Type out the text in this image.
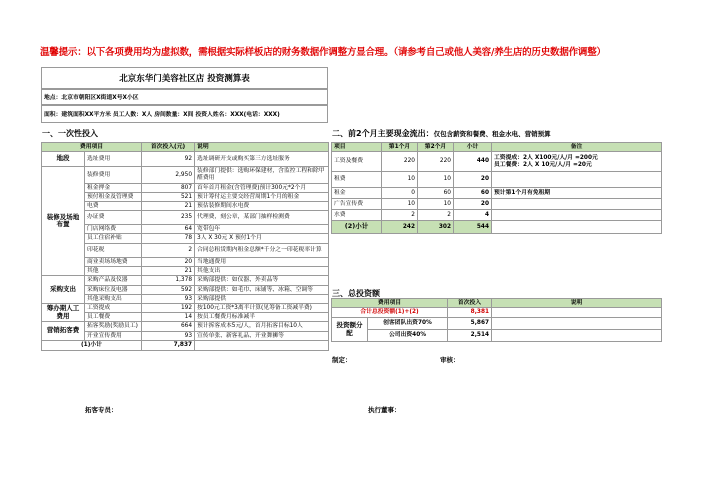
温馨提示：以下各项费用均为虚拟数，需根据实际样板店的财务数据作调整方显合理。（请参考自己或他人美容/养生店的历史数据作调整）
北京东华门美容社区店 投资测算表
地点：北京市朝阳区X街道X号X小区
面积：建筑面积XX平方米 员工人数：X人 房间数量：X间 投资人姓名：XXX(电话：XXX)
一、一次性投入
费用项目		首次投入(元)	说明
地段	选址费用	92	选址调研开支或购买第三方选址服务
装修及场地布置	装修费用	2,950	装修部门提供：选购环保建材，含监控工程和除甲醛费用
	租金押金	807	首年首月租金(含管理费)预计300元*2个月
	预付租金及管理费	521	预计筹付运主要交经营周期1个月的租金
	电费	21	预估装修期间水电费
	办证费	235	代理费，刻公章，某部门抽样检测费
	门店网络费	64	宽带包年
	员工住宿补贴	78	3人 X 30元 X 预付1个月
	印花税	2	合同总租赁期内租金总额*千分之一印花税率计算
	商业卖场场地费	20	当地通费用
	其他	21	其他支出
采购支出	采购产品及仪器	1,378	采购部提供：如仪器、外卖品等
	采购床位及电器	592	采购部提供：如毛巾、床铺等、冰箱、空调等
	其他采购支出	93	采购部提供
筹办期人工费用	工资提成	192	按100元工资*3离半计算(见筹备工资减半费)
	员工餐费	14	按员工餐费月标准减半
营销拓客费	拓客奖励(奖励员工)	664	预计拆客成本5元/人，首月拓客目标10人
	开业宣传费用	93	宣传单张、新客礼品、开业舞狮等
(1)小计		7,837	
二、前2个月主要现金流出：仅包含薪资和餐费、租金水电、营销预算
项目	第1个月	第2个月	小计	备注
工资及餐费	220	220	440	工资提成：2人 X100元/人/月 =200元
员工餐费：2人 X 10元/人/月 =20元
租费	10	10	20	
租金	0	60	60	预计第1个月有免租期
广告宣传费	10	10	20	
水费	2	2	4	
(2)小计	242	302	544	
三、总投资额
费用项目		首次投入	说明
合计总投资额(1)+(2)		8,381	
投资额分配	创客团队出资70%	5,867	
	公司出资40%	2,514	
制定：	审核：
拓客专员：	执行董事：
